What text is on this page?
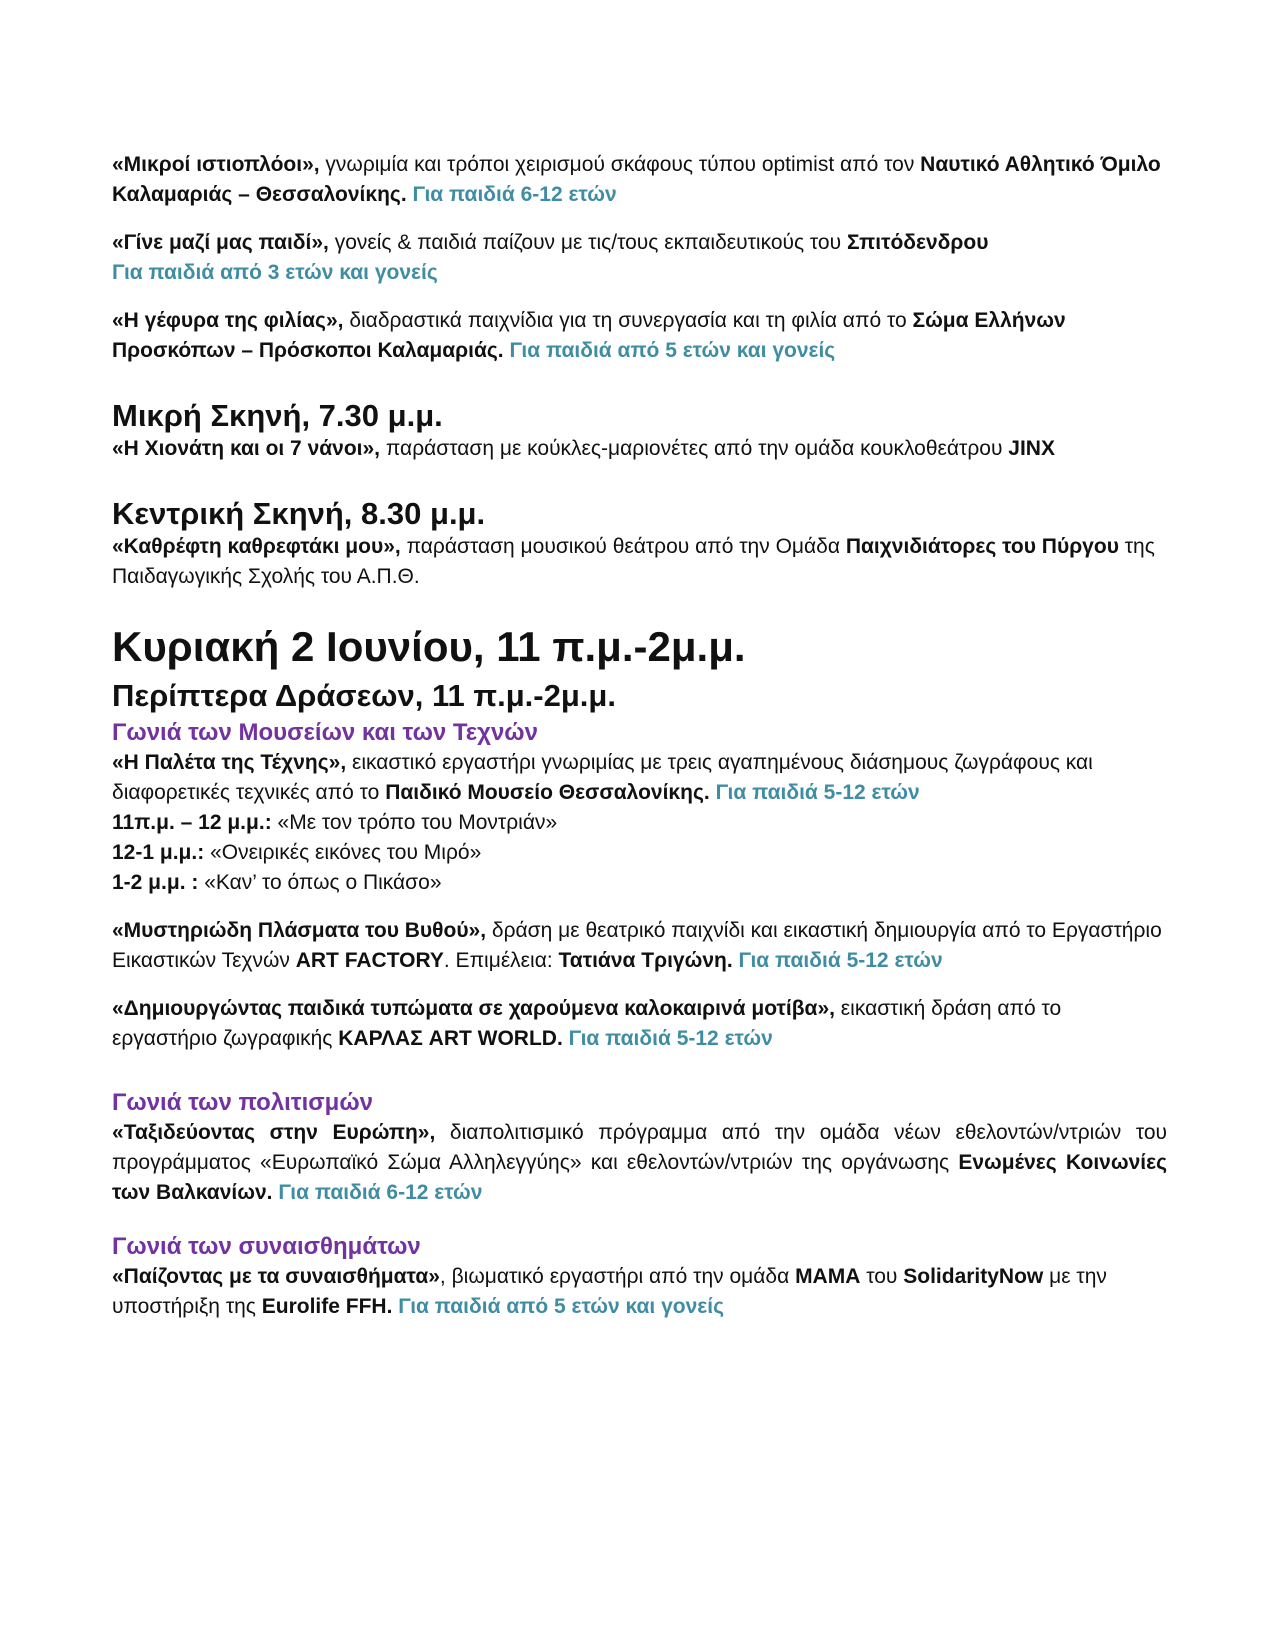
«Μικροί ιστιοπλόοι», γνωριμία και τρόποι χειρισμού σκάφους τύπου optimist από τον Ναυτικό Αθλητικό Όμιλο Καλαμαριάς – Θεσσαλονίκης. Για παιδιά 6-12 ετών

«Γίνε μαζί μας παιδί», γονείς & παιδιά παίζουν με τις/τους εκπαιδευτικούς του Σπιτόδενδρου
Για παιδιά από 3 ετών και γονείς

«Η γέφυρα της φιλίας», διαδραστικά παιχνίδια για τη συνεργασία και τη φιλία από το Σώμα Ελλήνων Προσκόπων – Πρόσκοποι Καλαμαριάς. Για παιδιά από 5 ετών και γονείς

Μικρή Σκηνή, 7.30 μ.μ.

«Η Χιονάτη και οι 7 νάνοι», παράσταση με κούκλες-μαριονέτες από την ομάδα κουκλοθεάτρου JINX

Κεντρική Σκηνή, 8.30 μ.μ.

«Καθρέφτη καθρεφτάκι μου», παράσταση μουσικού θεάτρου από την Ομάδα Παιχνιδιάτορες του Πύργου της Παιδαγωγικής Σχολής του Α.Π.Θ.

Κυριακή 2 Ιουνίου, 11 π.μ.-2μ.μ.

Περίπτερα Δράσεων, 11 π.μ.-2μ.μ.

Γωνιά των Μουσείων και των Τεχνών

«Η Παλέτα της Τέχνης», εικαστικό εργαστήρι γνωριμίας με τρεις αγαπημένους διάσημους ζωγράφους και διαφορετικές τεχνικές από το Παιδικό Μουσείο Θεσσαλονίκης. Για παιδιά 5-12 ετών

11π.μ. – 12 μ.μ.: «Με τον τρόπο του Μοντριάν»

12-1 μ.μ.: «Ονειρικές εικόνες του Μιρό»

1-2 μ.μ. : «Καν’ το όπως ο Πικάσο»

«Μυστηριώδη Πλάσματα του Βυθού», δράση με θεατρικό παιχνίδι και εικαστική δημιουργία από το Εργαστήριο Εικαστικών Τεχνών ART FACTORY. Επιμέλεια: Τατιάνα Τριγώνη. Για παιδιά 5-12 ετών

«Δημιουργώντας παιδικά τυπώματα σε χαρούμενα καλοκαιρινά μοτίβα», εικαστική δράση από το εργαστήριο ζωγραφικής ΚΑΡΛΑΣ ART WORLD. Για παιδιά 5-12 ετών

Γωνιά των πολιτισμών

«Ταξιδεύοντας στην Ευρώπη», διαπολιτισμικό πρόγραμμα από την ομάδα νέων εθελοντών/ντριών του προγράμματος «Ευρωπαϊκό Σώμα Αλληλεγγύης» και εθελοντών/ντριών της οργάνωσης Ενωμένες Κοινωνίες των Βαλκανίων. Για παιδιά 6-12 ετών

Γωνιά των συναισθημάτων

«Παίζοντας με τα συναισθήματα», βιωματικό εργαστήρι από την ομάδα ΜΑΜΑ του SolidarityNow με την υποστήριξη της Eurolife FFH. Για παιδιά από 5 ετών και γονείς
